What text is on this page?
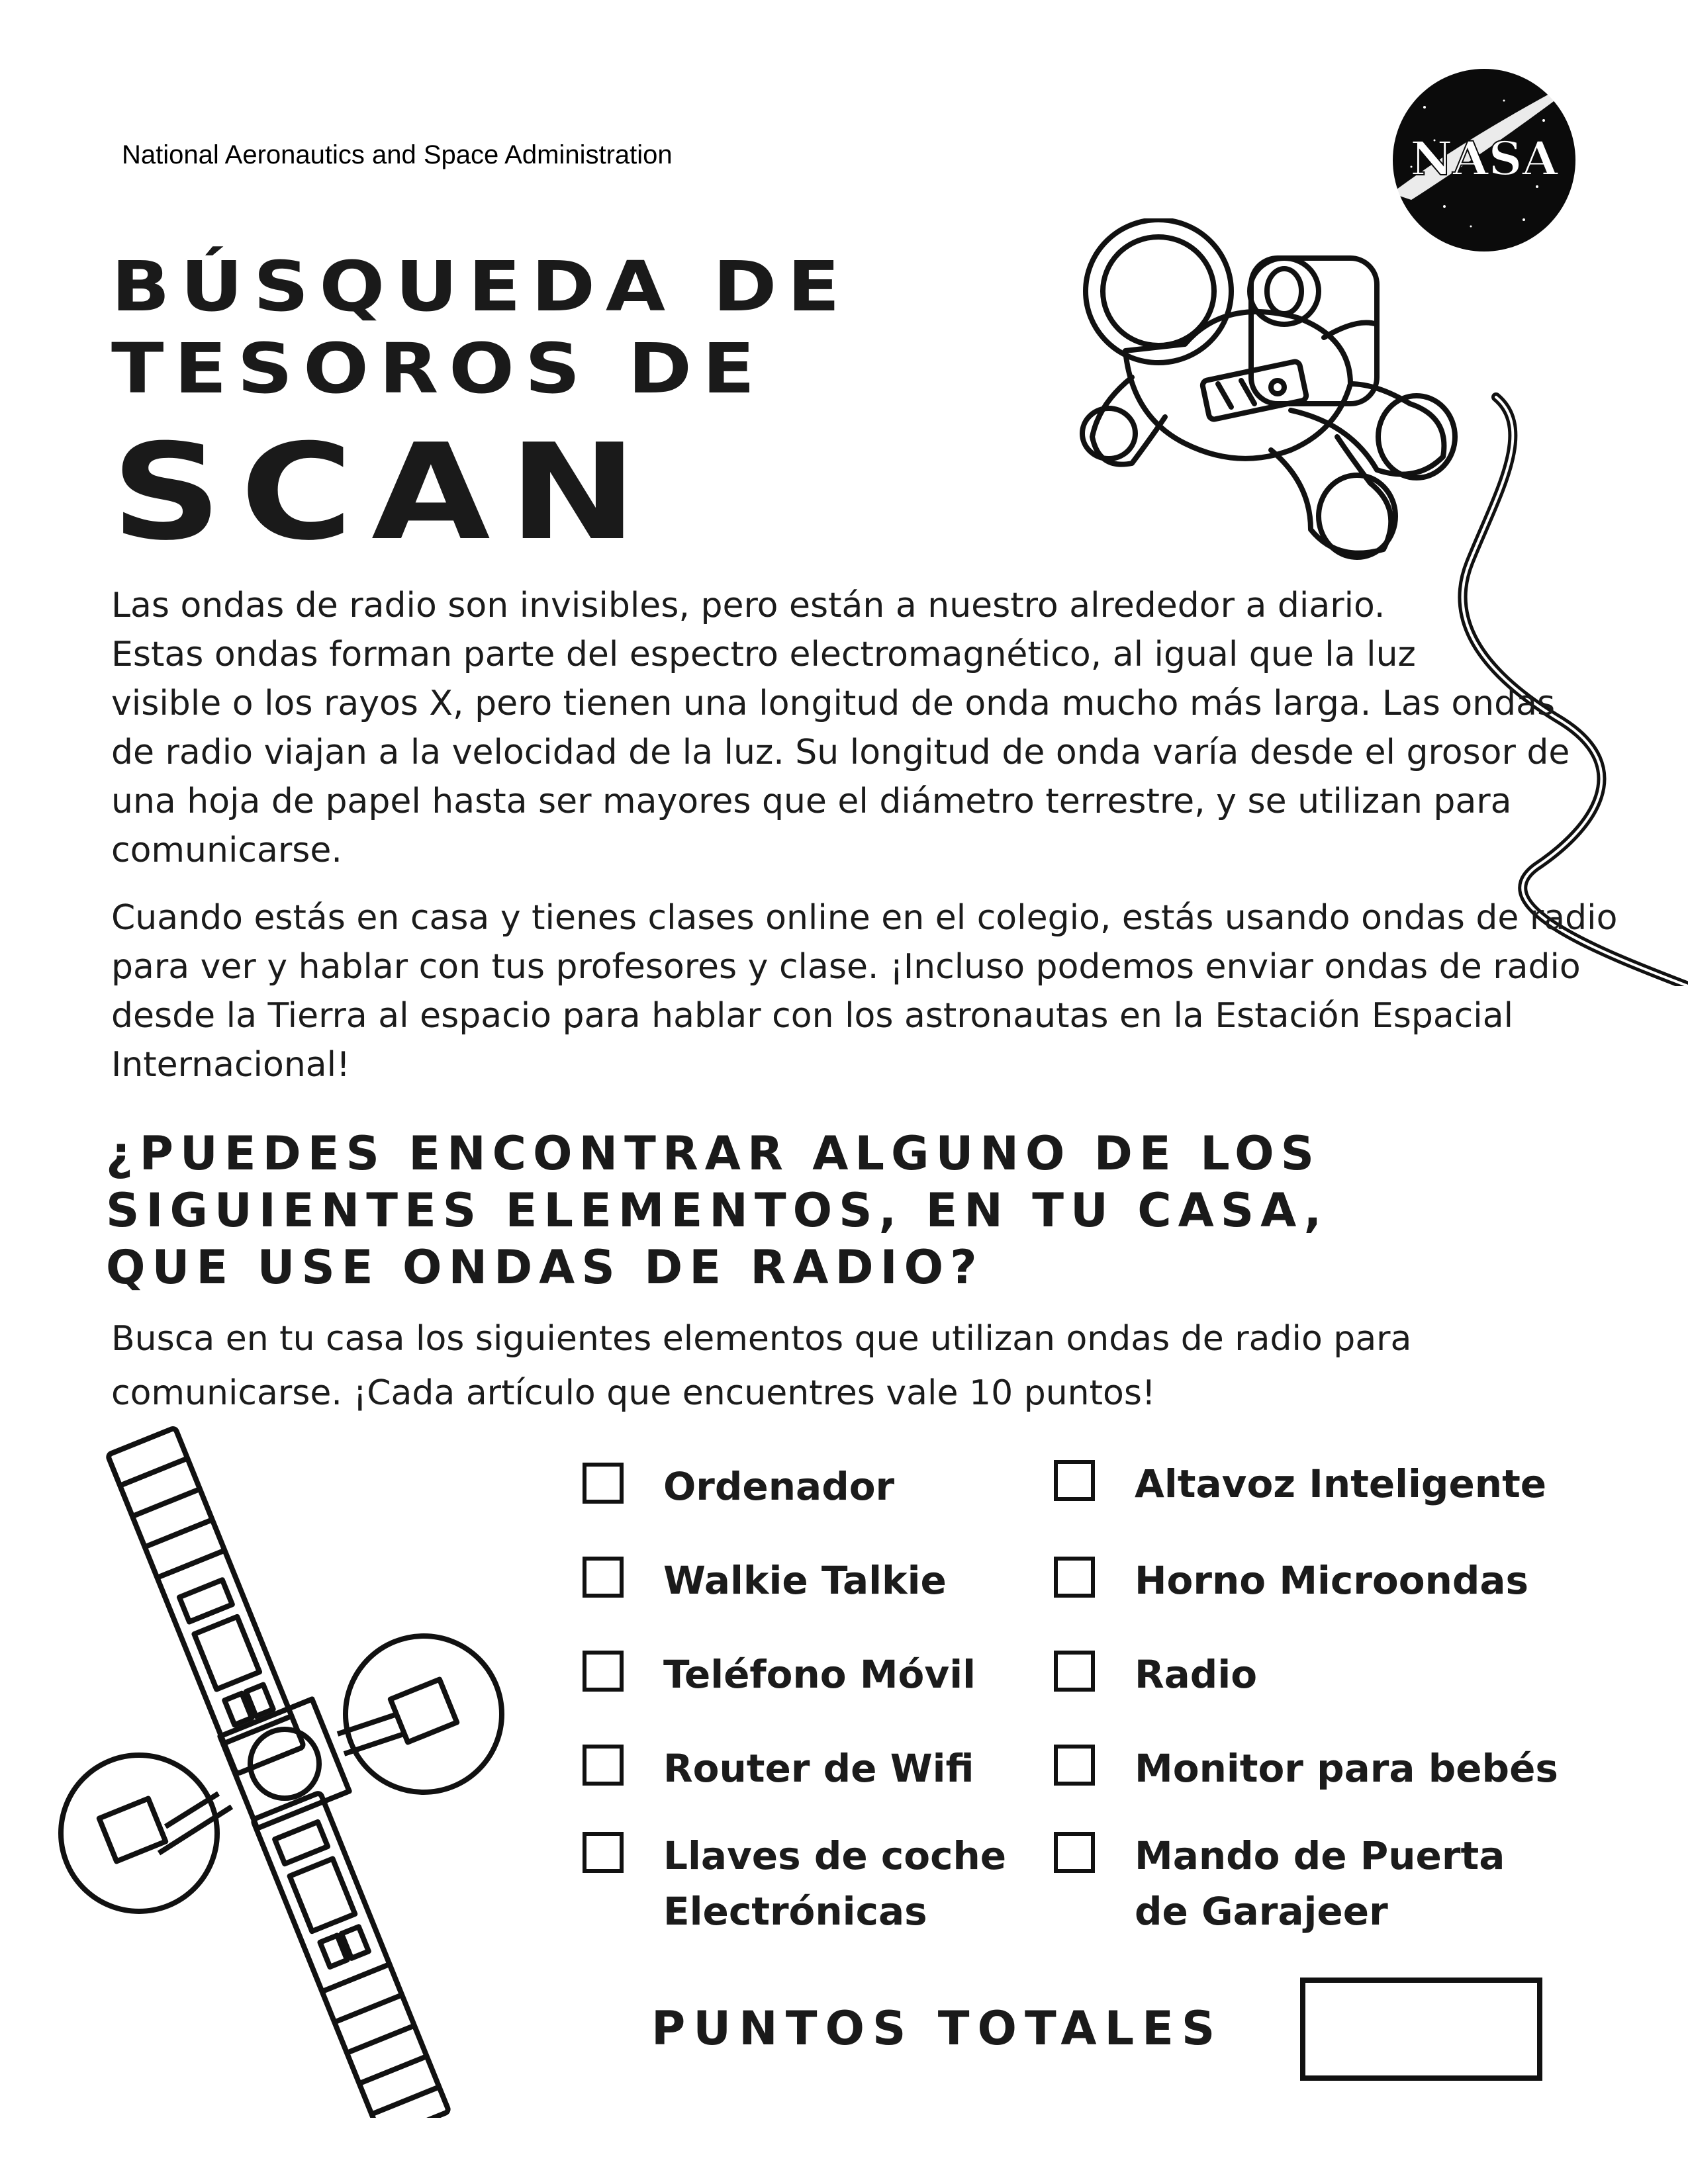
National Aeronautics and Space Administration	NASA
BÚSQUEDA DE
TESOROS DE
SCAN
Las ondas de radio son invisibles, pero están a nuestro alrededor a diario.
Estas ondas forman parte del espectro electromagnético, al igual que la luz
visible o los rayos X, pero tienen una longitud de onda mucho más larga. Las ondas
de radio viajan a la velocidad de la luz. Su longitud de onda varía desde el grosor de
una hoja de papel hasta ser mayores que el diámetro terrestre, y se utilizan para
comunicarse.
Cuando estás en casa y tienes clases online en el colegio, estás usando ondas de radio
para ver y hablar con tus profesores y clase. ¡Incluso podemos enviar ondas de radio
desde la Tierra al espacio para hablar con los astronautas en la Estación Espacial
Internacional!
¿PUEDES ENCONTRAR ALGUNO DE LOS
SIGUIENTES ELEMENTOS, EN TU CASA,
QUE USE ONDAS DE RADIO?
Busca en tu casa los siguientes elementos que utilizan ondas de radio para
comunicarse. ¡Cada artículo que encuentres vale 10 puntos!
Ordenador
Walkie Talkie
Teléfono Móvil
Router de Wifi
Llaves de coche
Electrónicas
Altavoz Inteligente
Horno Microondas
Radio
Monitor para bebés
Mando de Puerta
de Garajeer
PUNTOS TOTALES
